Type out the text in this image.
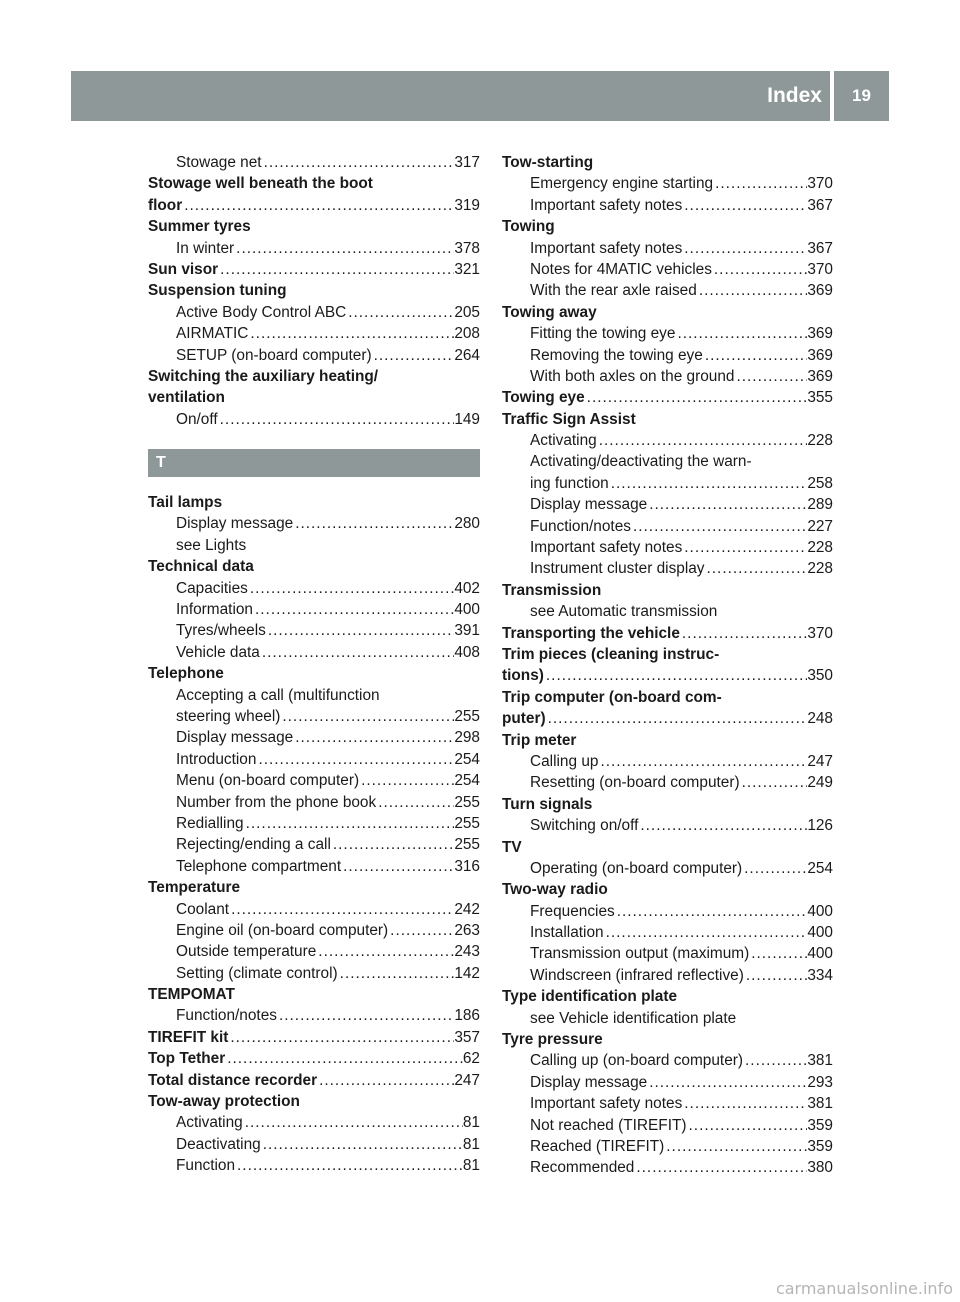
Index	19
Stowage net .....	317
Stowage well beneath the boot
floor .....	319
Summer tyres
In winter .....	378
Sun visor .....	321
Suspension tuning
Active Body Control ABC .....	205
AIRMATIC .....	208
SETUP (on-board computer) .....	264
Switching the auxiliary heating/
ventilation
On/off .....	149
T
Tail lamps
Display message .....	280
see Lights
Technical data
Capacities .....	402
Information .....	400
Tyres/wheels .....	391
Vehicle data .....	408
Telephone
Accepting a call (multifunction
steering wheel) .....	255
Display message .....	298
Introduction .....	254
Menu (on-board computer) .....	254
Number from the phone book .....	255
Redialling .....	255
Rejecting/ending a call .....	255
Telephone compartment .....	316
Temperature
Coolant .....	242
Engine oil (on-board computer) .....	263
Outside temperature .....	243
Setting (climate control) .....	142
TEMPOMAT
Function/notes .....	186
TIREFIT kit .....	357
Top Tether .....	62
Total distance recorder .....	247
Tow-away protection
Activating .....	81
Deactivating .....	81
Function .....	81
Tow-starting
Emergency engine starting .....	370
Important safety notes .....	367
Towing
Important safety notes .....	367
Notes for 4MATIC vehicles .....	370
With the rear axle raised .....	369
Towing away
Fitting the towing eye .....	369
Removing the towing eye .....	369
With both axles on the ground .....	369
Towing eye .....	355
Traffic Sign Assist
Activating .....	228
Activating/deactivating the warn-
ing function .....	258
Display message .....	289
Function/notes .....	227
Important safety notes .....	228
Instrument cluster display .....	228
Transmission
see Automatic transmission
Transporting the vehicle .....	370
Trim pieces (cleaning instruc-
tions) .....	350
Trip computer (on-board com-
puter) .....	248
Trip meter
Calling up .....	247
Resetting (on-board computer) .....	249
Turn signals
Switching on/off .....	126
TV
Operating (on-board computer) .....	254
Two-way radio
Frequencies .....	400
Installation .....	400
Transmission output (maximum) .....	400
Windscreen (infrared reflective) .....	334
Type identification plate
see Vehicle identification plate
Tyre pressure
Calling up (on-board computer) .....	381
Display message .....	293
Important safety notes .....	381
Not reached (TIREFIT) .....	359
Reached (TIREFIT) .....	359
Recommended .....	380
carmanualsonline.info
